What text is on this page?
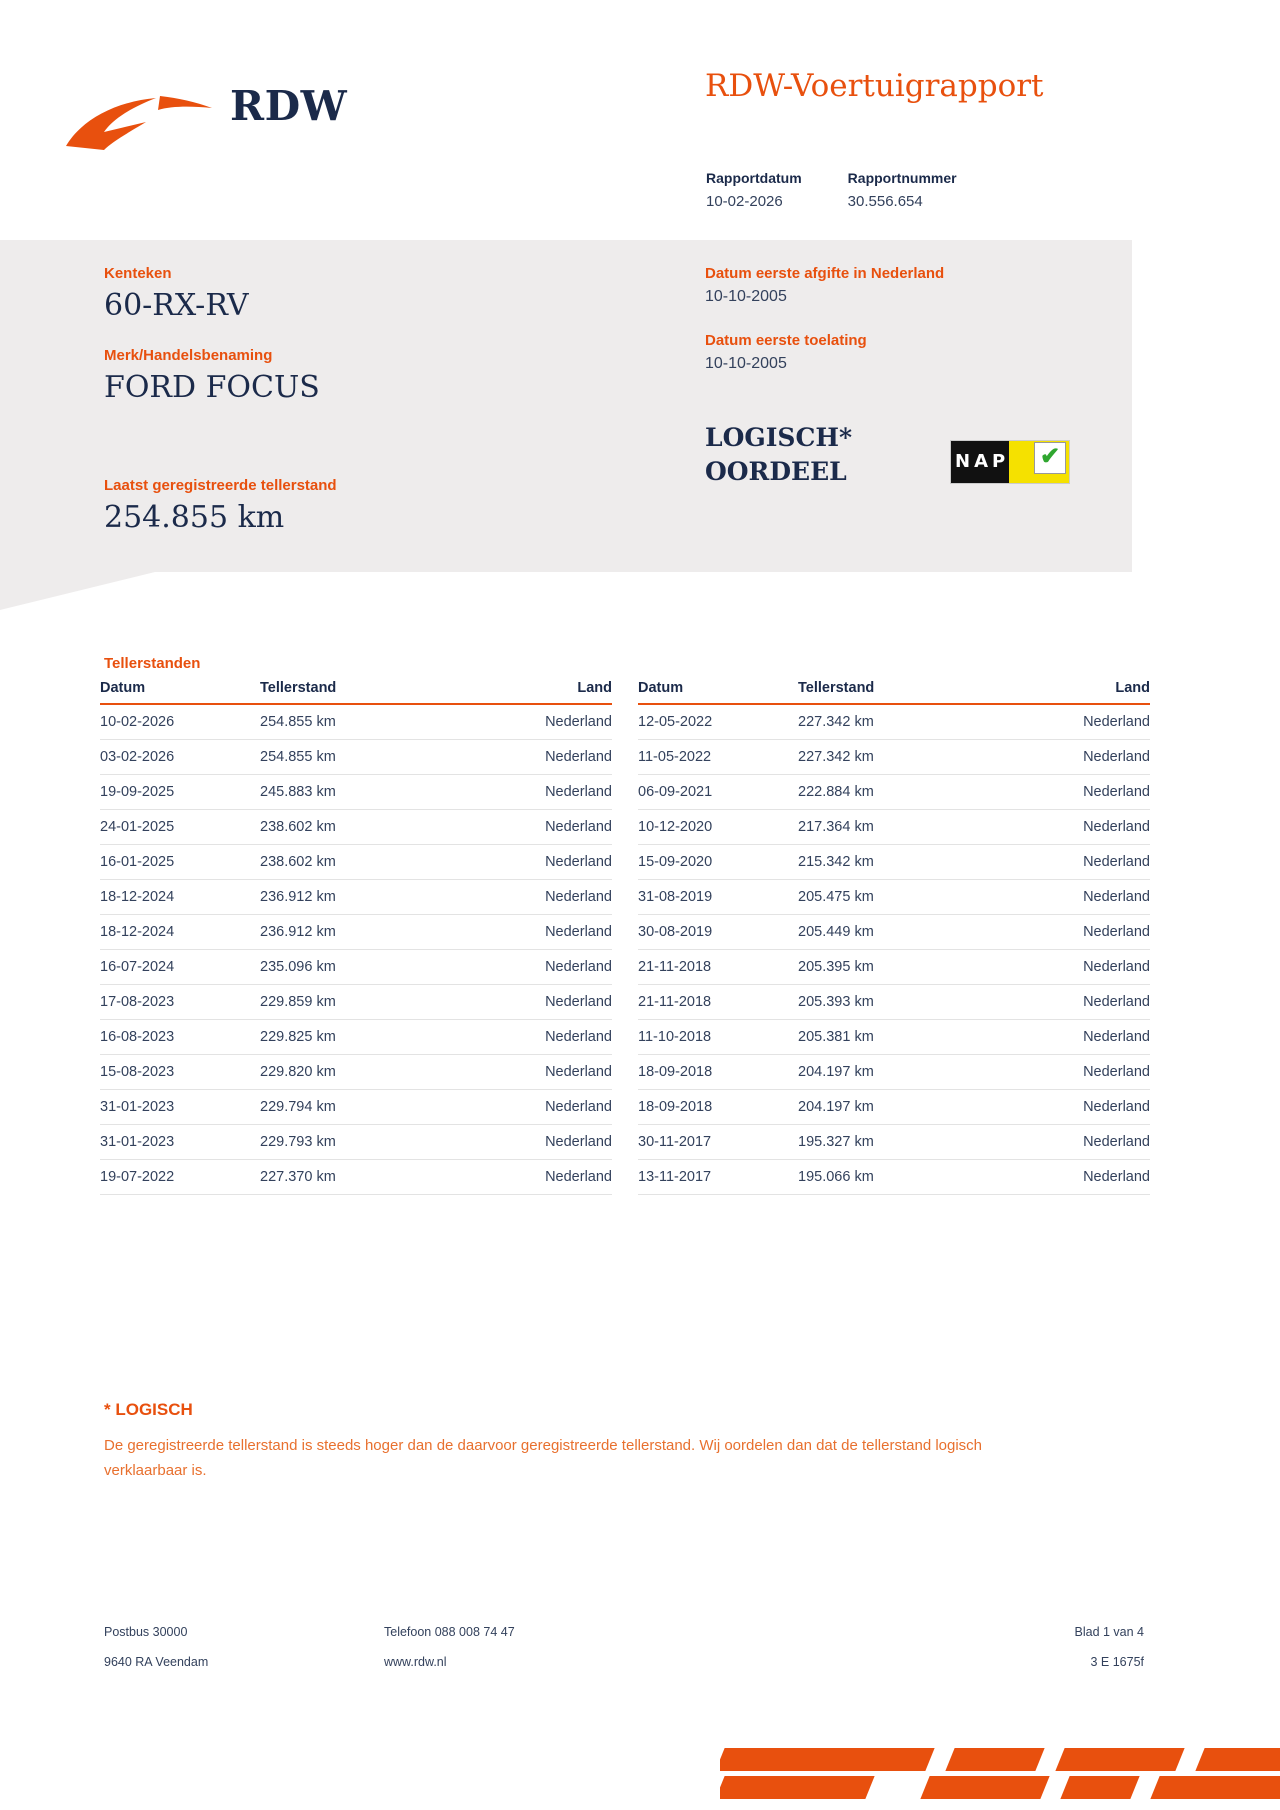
RDW	RDW-Voertuigrapport
Rapportdatum
10-02-2026
Rapportnummer
30.556.654
Kenteken
60-RX-RV
Merk/Handelsbenaming
FORD FOCUS
Laatst geregistreerde tellerstand
254.855 km
Datum eerste afgifte in Nederland
10-10-2005
Datum eerste toelating
10-10-2005
LOGISCH*
OORDEEL	N A P ✔
Tellerstanden
Datum	Tellerstand	Land
10-02-2026	254.855 km	Nederland
03-02-2026	254.855 km	Nederland
19-09-2025	245.883 km	Nederland
24-01-2025	238.602 km	Nederland
16-01-2025	238.602 km	Nederland
18-12-2024	236.912 km	Nederland
18-12-2024	236.912 km	Nederland
16-07-2024	235.096 km	Nederland
17-08-2023	229.859 km	Nederland
16-08-2023	229.825 km	Nederland
15-08-2023	229.820 km	Nederland
31-01-2023	229.794 km	Nederland
31-01-2023	229.793 km	Nederland
19-07-2022	227.370 km	Nederland
Datum	Tellerstand	Land
12-05-2022	227.342 km	Nederland
11-05-2022	227.342 km	Nederland
06-09-2021	222.884 km	Nederland
10-12-2020	217.364 km	Nederland
15-09-2020	215.342 km	Nederland
31-08-2019	205.475 km	Nederland
30-08-2019	205.449 km	Nederland
21-11-2018	205.395 km	Nederland
21-11-2018	205.393 km	Nederland
11-10-2018	205.381 km	Nederland
18-09-2018	204.197 km	Nederland
18-09-2018	204.197 km	Nederland
30-11-2017	195.327 km	Nederland
13-11-2017	195.066 km	Nederland
* LOGISCH
De geregistreerde tellerstand is steeds hoger dan de daarvoor geregistreerde tellerstand. Wij oordelen dan dat de tellerstand logisch verklaarbaar is.
Postbus 30000	Telefoon 088 008 74 47	Blad 1 van 4
9640 RA Veendam	www.rdw.nl	3 E 1675f
